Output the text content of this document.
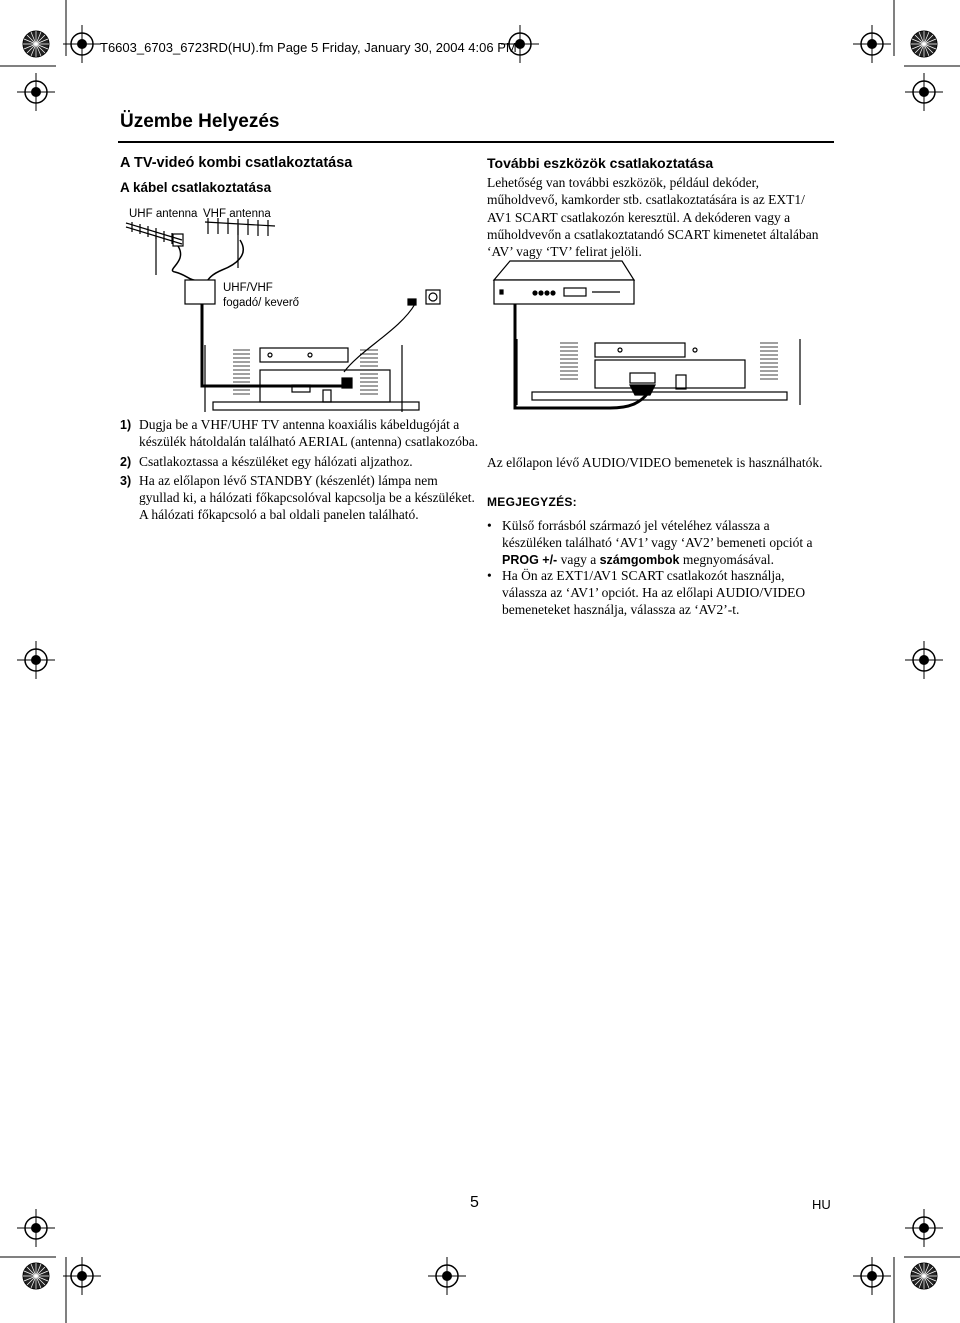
T6603_6703_6723RD(HU).fm Page 5 Friday, January 30, 2004 4:06 PM
Üzembe Helyezés
A TV-videó kombi csatlakoztatása
A kábel csatlakoztatása
További eszközök csatlakoztatása
Lehetőség van további eszközök, például dekóder, műholdvevő, kamkorder stb. csatlakoztatására is az EXT1/ AV1 SCART csatlakozón keresztül. A dekóderen vagy a műholdvevőn a csatlakoztatandó SCART kimenetet általában ‘AV’ vagy ‘TV’ felirat jelöli.
UHF antenna VHF antenna
UHF/VHF
fogadó/ keverő
1) Dugja be a VHF/UHF TV antenna koaxiális kábeldugóját a készülék hátoldalán található AERIAL (antenna) csatlakozóba.
2) Csatlakoztassa a készüléket egy hálózati aljzathoz.
3) Ha az előlapon lévő STANDBY (készenlét) lámpa nem gyullad ki, a hálózati főkapcsolóval kapcsolja be a készüléket. A hálózati főkapcsoló a bal oldali panelen található.
Az előlapon lévő AUDIO/VIDEO bemenetek is használhatók.
MEGJEGYZÉS:
• Külső forrásból származó jel vételéhez válassza a készüléken található ‘AV1’ vagy ‘AV2’ bemeneti opciót a PROG +/- vagy a számgombok megnyomásával.
• Ha Ön az EXT1/AV1 SCART csatlakozót használja, válassza az ‘AV1’ opciót. Ha az előlapi AUDIO/VIDEO bemeneteket használja, válassza az ‘AV2’-t.
5	HU
